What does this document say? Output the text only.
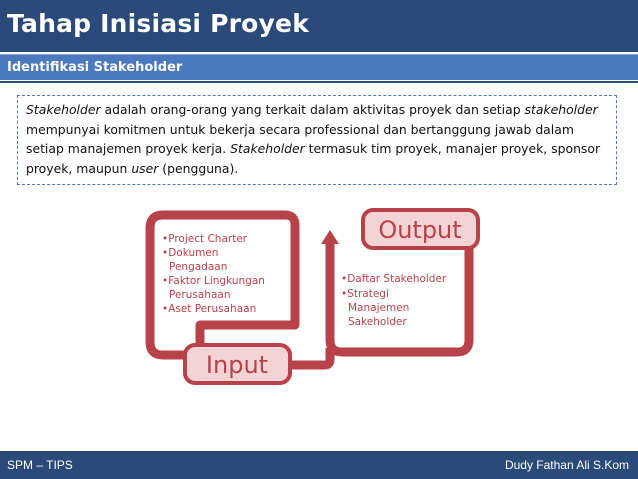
Tahap Inisiasi Proyek
Identifikasi Stakeholder
Stakeholder adalah orang-orang yang terkait dalam aktivitas proyek dan setiap stakeholder mempunyai komitmen untuk bekerja secara professional dan bertanggung jawab dalam setiap manajemen proyek kerja. Stakeholder termasuk tim proyek, manajer proyek, sponsor proyek, maupun user (pengguna).
Output
Input
•Project Charter
•Dokumen
Pengadaan
•Faktor Lingkungan
Perusahaan
•Aset Perusahaan
•Daftar Stakeholder
•Strategi
Manajemen
Sakeholder
SPM – TIPS	Dudy Fathan Ali S.Kom
